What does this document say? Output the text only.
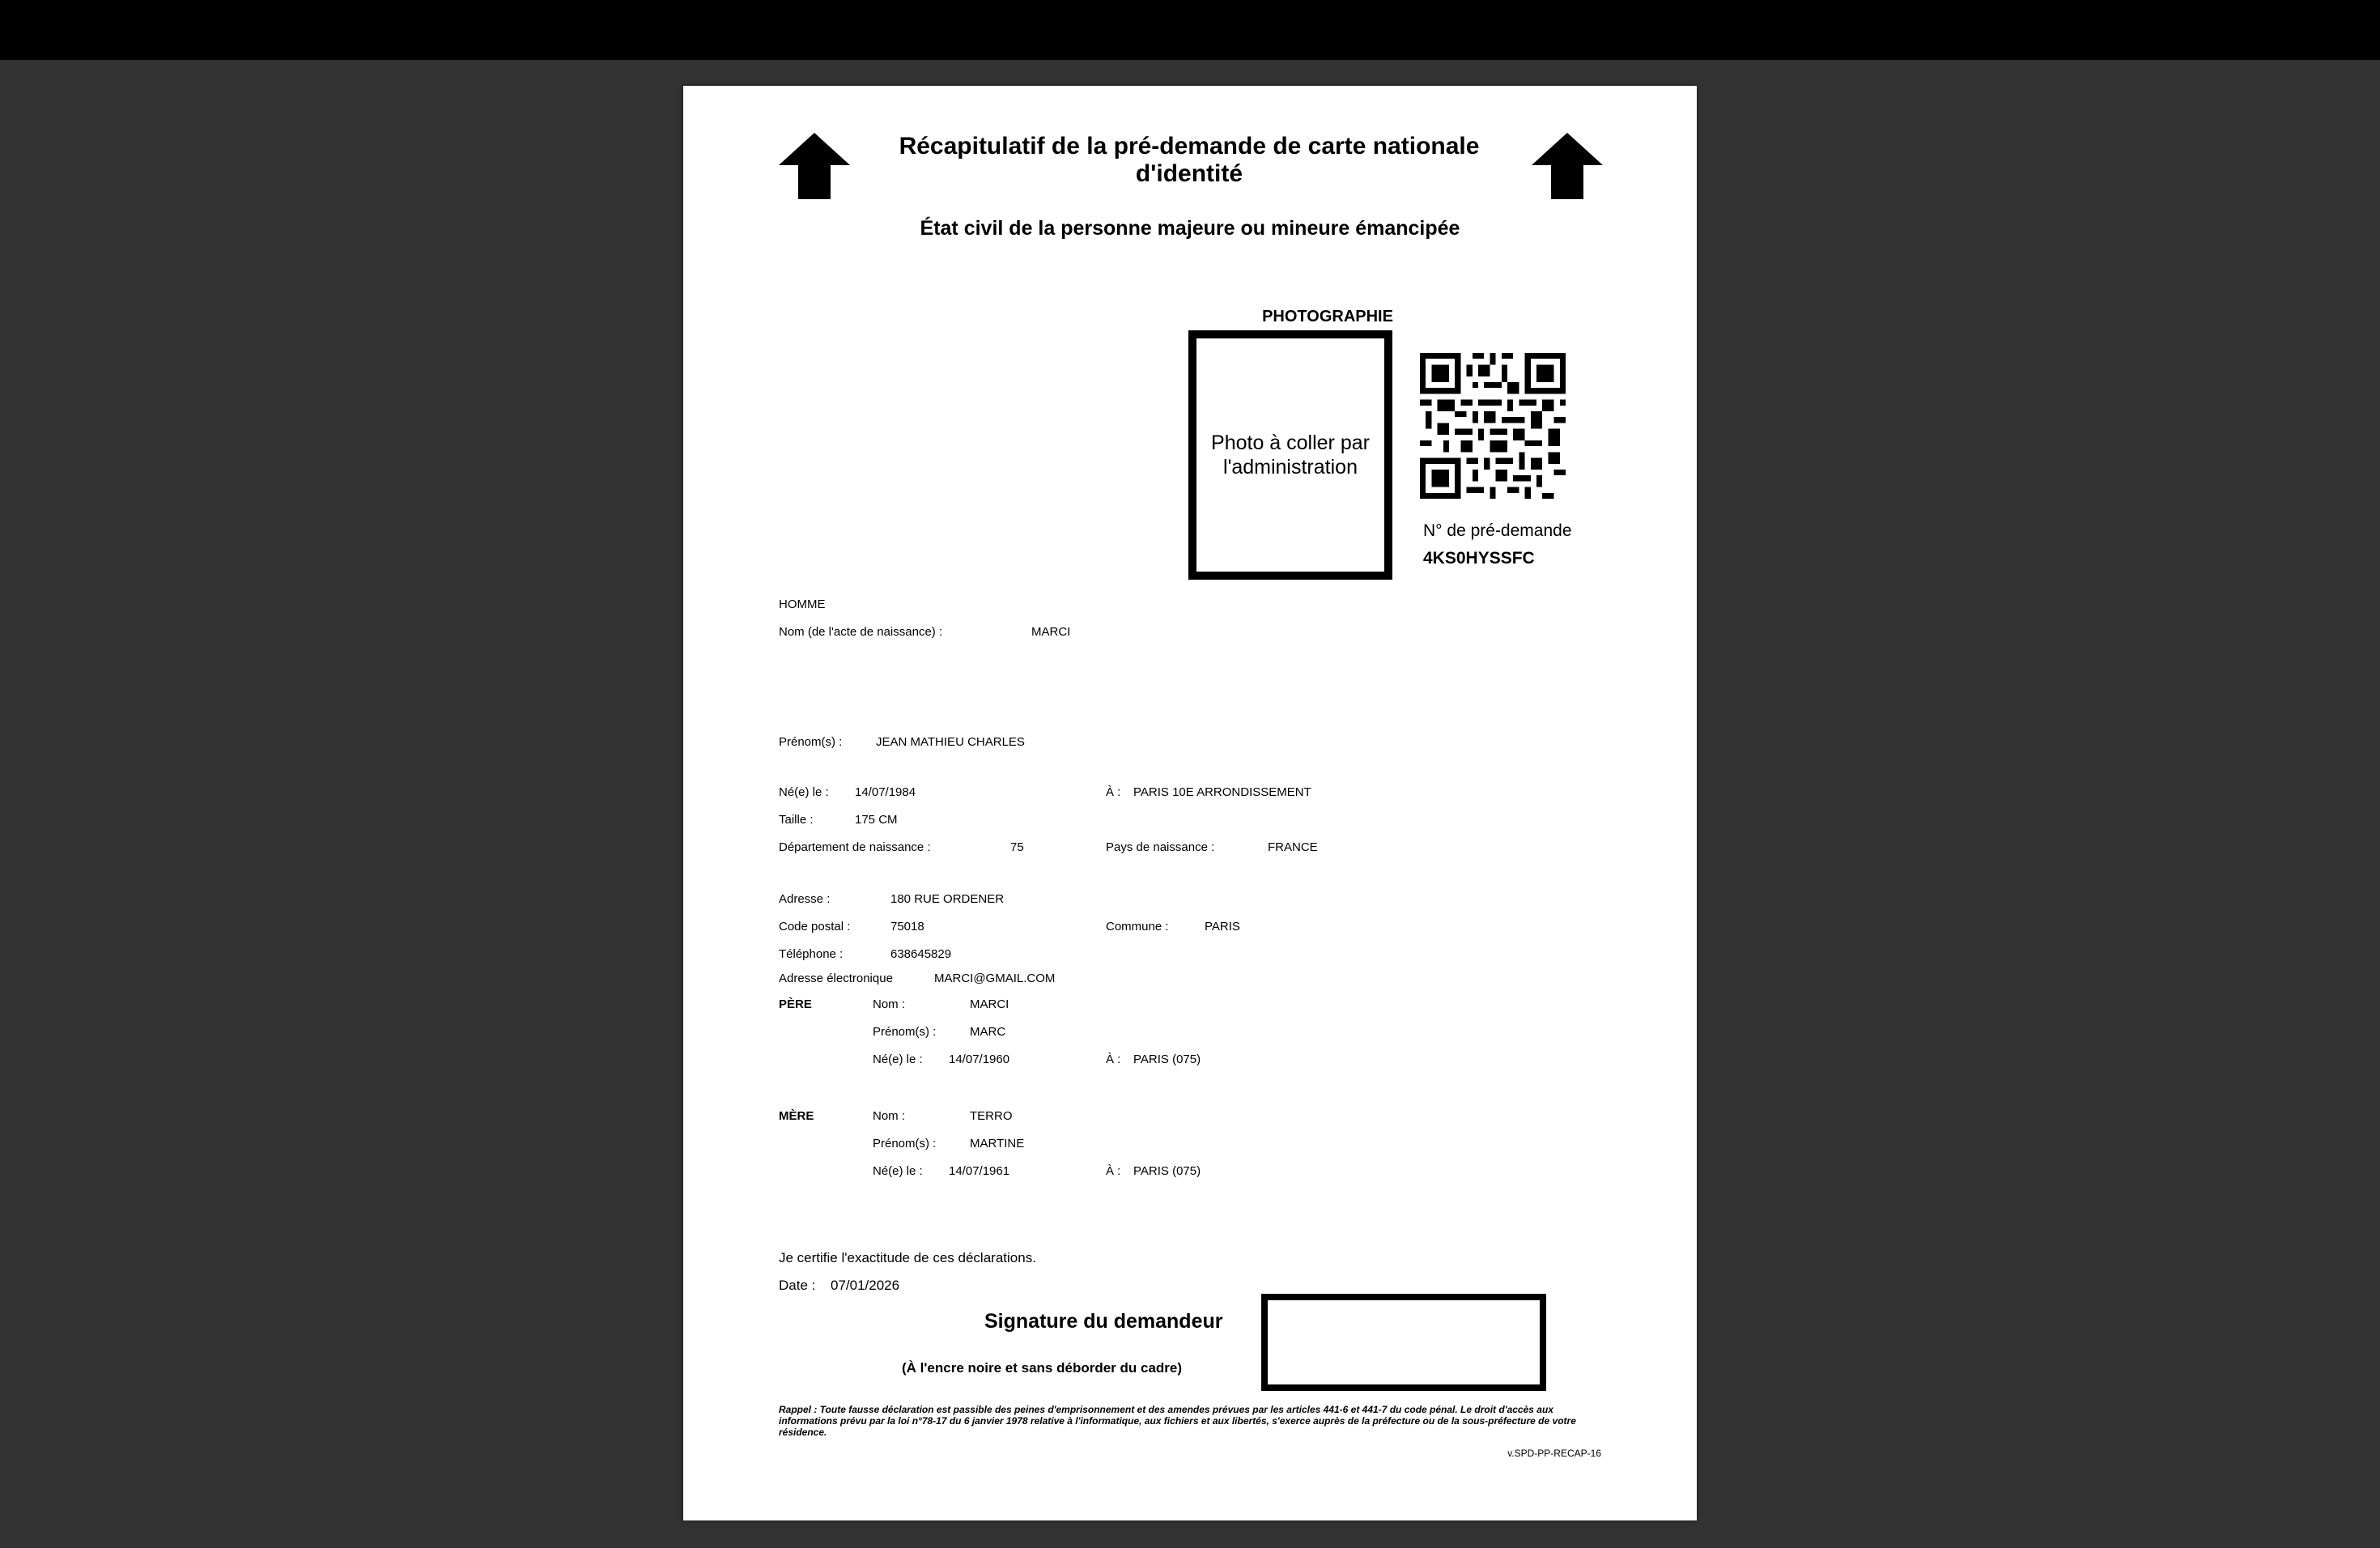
Récapitulatif de la pré-demande de carte nationale d'identité
État civil de la personne majeure ou mineure émancipée
PHOTOGRAPHIE
Photo à coller par l'administration
N° de pré-demande
4KS0HYSSFC
HOMME
Nom (de l'acte de naissance) :	MARCI
Prénom(s) :	JEAN MATHIEU CHARLES
Né(e) le : 14/07/1984	À : PARIS 10E ARRONDISSEMENT
Taille :	175 CM
Département de naissance :	75	Pays de naissance :	FRANCE
Adresse :	180 RUE ORDENER
Code postal :	75018	Commune :	PARIS
Téléphone :	638645829
Adresse électronique	MARCI@GMAIL.COM
PÈRE	Nom :	MARCI
Prénom(s) :	MARC
Né(e) le : 14/07/1960	À : PARIS (075)
MÈRE	Nom :	TERRO
Prénom(s) :	MARTINE
Né(e) le : 14/07/1961	À : PARIS (075)
Je certifie l'exactitude de ces déclarations.
Date : 07/01/2026
Signature du demandeur
(À l'encre noire et sans déborder du cadre)
Rappel : Toute fausse déclaration est passible des peines d'emprisonnement et des amendes prévues par les articles 441-6 et 441-7 du code pénal. Le droit d'accès aux informations prévu par la loi n°78-17 du 6 janvier 1978 relative à l'informatique, aux fichiers et aux libertés, s'exerce auprès de la préfecture ou de la sous-préfecture de votre résidence.
v.SPD-PP-RECAP-16
